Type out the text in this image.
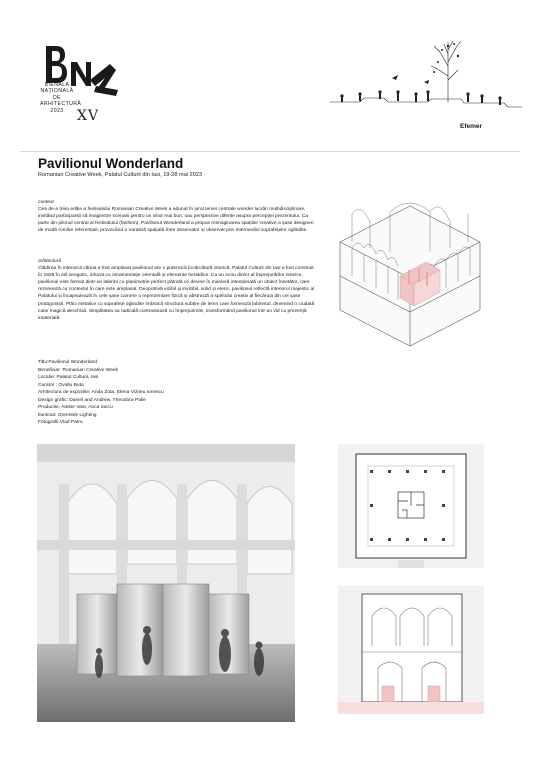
BIENALA
NAȚIONALĂ
DE
ARHITECTURĂ
2023 XV
Efemer
Pavilionul Wonderland
Romanian Creative Week, Palatul Culturii din Iasi, 19-28 mai 2023
context
Cea de-a treia ediție a festivalului Romanian Creative Week a adunat în jurul temei centrale wonder lucrări multidisciplinare, invitând participanții să imagineze scenarii pentru un viitor mai bun, sau perspective diferite asupra percepției prezentului. Ca parte din pilonul central al festivalului (fashion), Pavilionul Wonderland a propus reimaginarea spațiilor creative a șase designeri de modă români referențiali, provocând o narativă spațială între observator și observat prin intermediul suprafețelor oglindite.
arhitectură
Clădirea în interiorul căreia a fost amplasat pavilionul are o puternică încărcătură istorică. Palatul Culturii din Iași a fost construit în 1925 în stil neogotic, infuzat cu ornamentație orientală și elemente heraldice. Ca un ecou direct al împrejurărilor istorice, pavilionul este format dintr-un labirint cu planimetrie perfect pătrată ce devine în manieră intenționată un obiect însetător, care rezonează cu contextul în care este amplasat. Deopotrivă vizibil și invizibil, solid și eteric, pavilionul reflectă interiorul majestic al Palatului și încapsulează în cele șase camere o reprezentare fizică și abstractă a spiritului creativ al fiecăruia din cei șase protagoniști. Plăci metalice cu suprafețe oglindite îmbracă structura subțire de lemn care formează labirintul, devenind o ciudată cutie magică deschisă. Simplitatea sa radicală contrastează cu împrejurimile, transformând pavilionul într-un vid cu prezență imaterială.
Titlu:Pavilionul Wonderland
Beneficiar: Romanian Creative Week
Locatie: Palatul Culturii, Iasi
Curator : Ovidiu Buta
Arhitectura de expozitie: Anda Zota, Elena Viziteu Ionescu
Design grafic: Daniel and Andrew, Theodora Palie
Productie: Atelier Vast, Anca Iancu
Iluminat: Greentek Lighting
Fotografii:Vlad Patru
